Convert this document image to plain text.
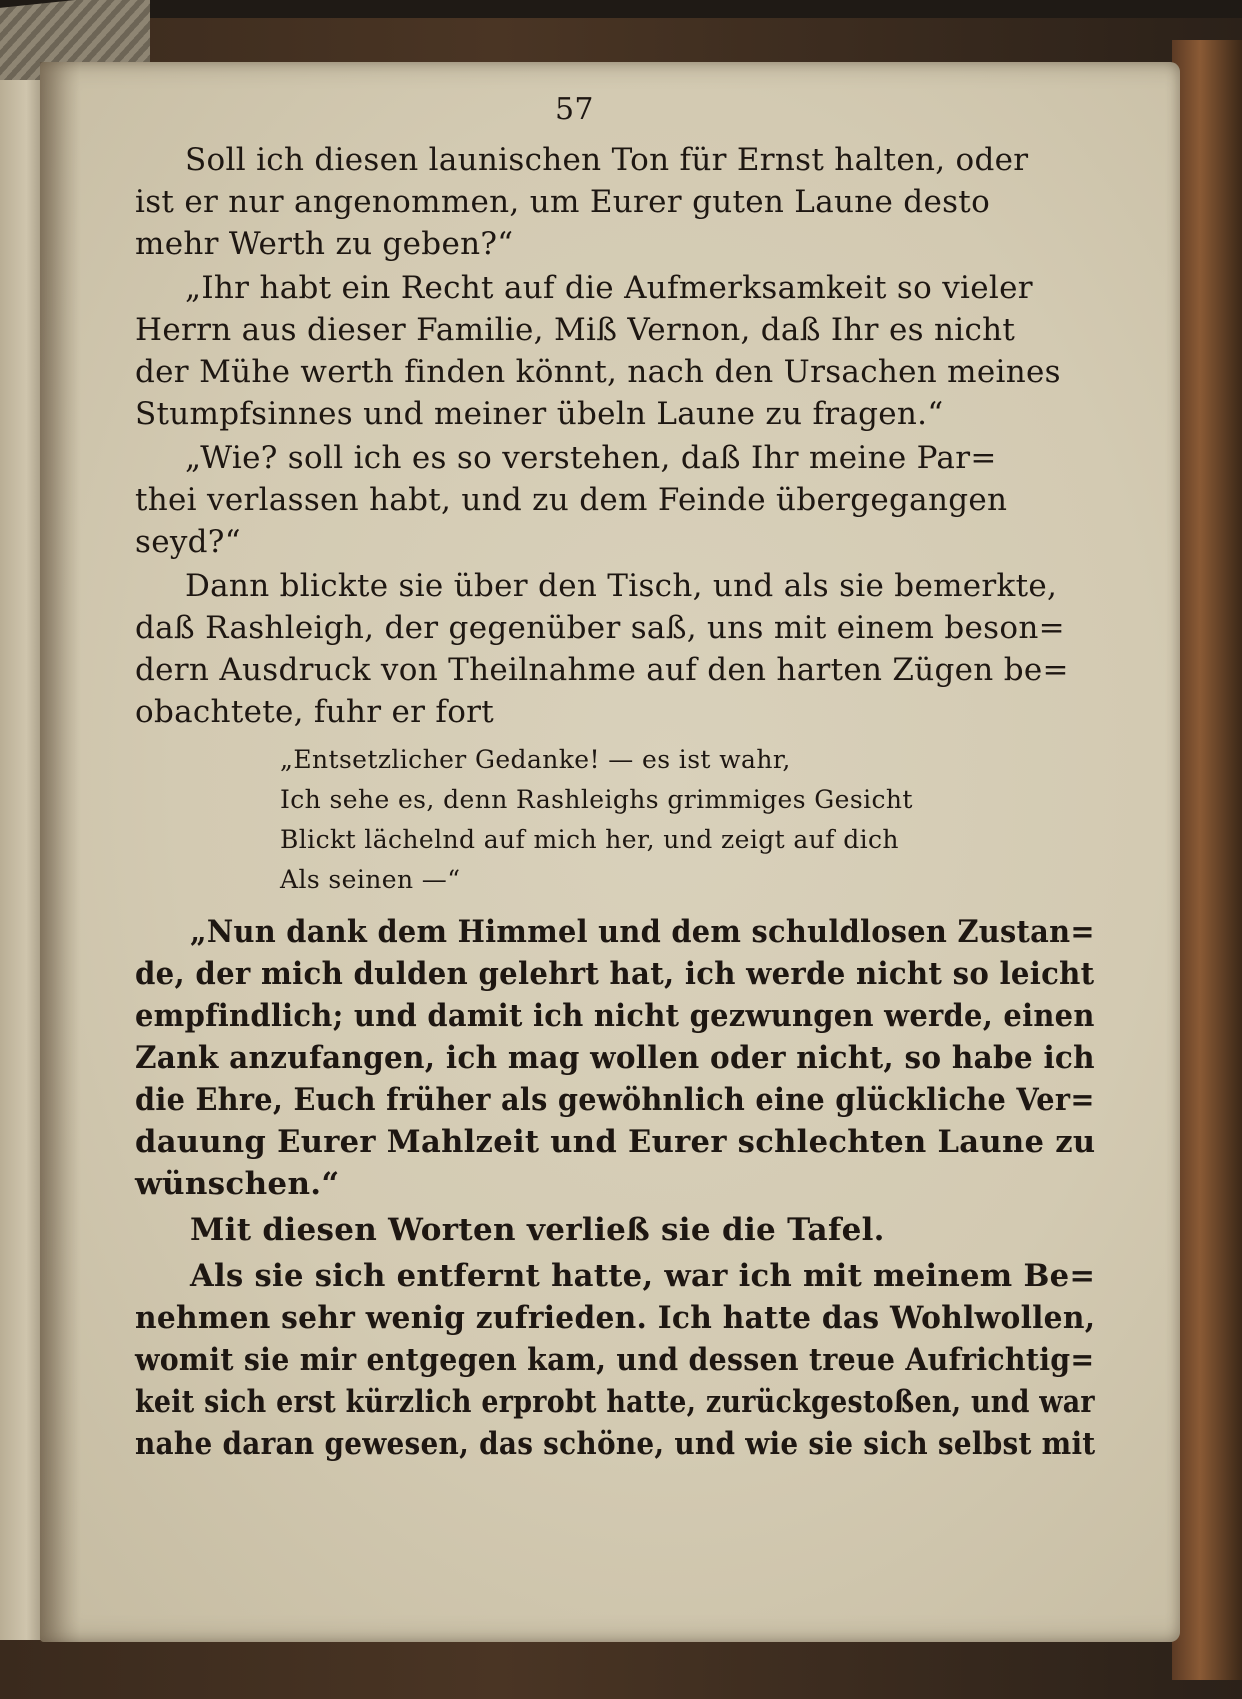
57
Soll ich diesen launischen Ton für Ernst halten, oder
ist er nur angenommen, um Eurer guten Laune desto
mehr Werth zu geben?“
„Ihr habt ein Recht auf die Aufmerksamkeit so vieler
Herrn aus dieser Familie, Miß Vernon, daß Ihr es nicht
der Mühe werth finden könnt, nach den Ursachen meines
Stumpfsinnes und meiner übeln Laune zu fragen.“
„Wie? soll ich es so verstehen, daß Ihr meine Par=
thei verlassen habt, und zu dem Feinde übergegangen
seyd?“
Dann blickte sie über den Tisch, und als sie bemerkte,
daß Rashleigh, der gegenüber saß, uns mit einem beson=
dern Ausdruck von Theilnahme auf den harten Zügen be=
obachtete, fuhr er fort
„Entsetzlicher Gedanke! — es ist wahr,
Ich sehe es, denn Rashleighs grimmiges Gesicht
Blickt lächelnd auf mich her, und zeigt auf dich
Als seinen —“
„Nun dank dem Himmel und dem schuldlosen Zustan=
de, der mich dulden gelehrt hat, ich werde nicht so leicht
empfindlich; und damit ich nicht gezwungen werde, einen
Zank anzufangen, ich mag wollen oder nicht, so habe ich
die Ehre, Euch früher als gewöhnlich eine glückliche Ver=
dauung Eurer Mahlzeit und Eurer schlechten Laune zu
wünschen.“
Mit diesen Worten verließ sie die Tafel.
Als sie sich entfernt hatte, war ich mit meinem Be=
nehmen sehr wenig zufrieden. Ich hatte das Wohlwollen,
womit sie mir entgegen kam, und dessen treue Aufrichtig=
keit sich erst kürzlich erprobt hatte, zurückgestoßen, und war
nahe daran gewesen, das schöne, und wie sie sich selbst mit
